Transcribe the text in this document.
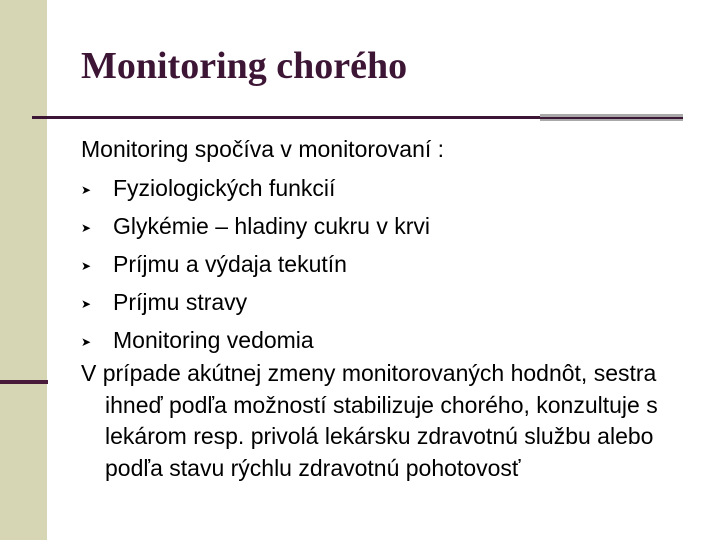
Monitoring chorého

Monitoring spočíva v monitorovaní :

➤ Fyziologických funkcií
➤ Glykémie – hladiny cukru v krvi
➤ Príjmu a výdaja tekutín
➤ Príjmu stravy
➤ Monitoring vedomia

V prípade akútnej zmeny monitorovaných hodnôt, sestra ihneď podľa možností stabilizuje chorého, konzultuje s lekárom resp. privolá lekársku zdravotnú službu alebo podľa stavu rýchlu zdravotnú pohotovosť
